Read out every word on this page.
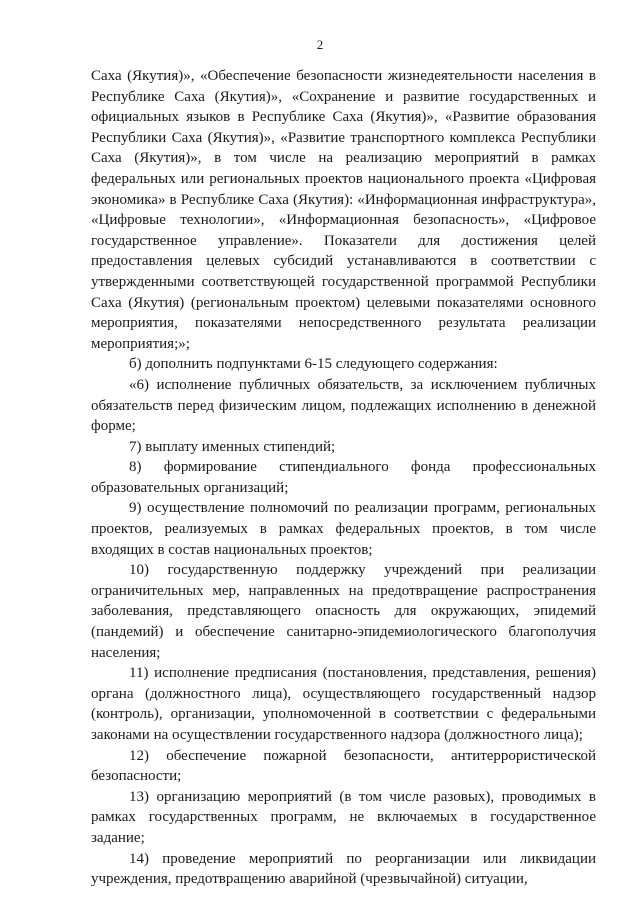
2

Саха (Якутия)», «Обеспечение безопасности жизнедеятельности населения в Республике Саха (Якутия)», «Сохранение и развитие государственных и официальных языков в Республике Саха (Якутия)», «Развитие образования Республики Саха (Якутия)», «Развитие транспортного комплекса Республики Саха (Якутия)», в том числе на реализацию мероприятий в рамках федеральных или региональных проектов национального проекта «Цифровая экономика» в Республике Саха (Якутия): «Информационная инфраструктура», «Цифровые технологии», «Информационная безопасность», «Цифровое государственное управление». Показатели для достижения целей предоставления целевых субсидий устанавливаются в соответствии с утвержденными соответствующей государственной программой Республики Саха (Якутия) (региональным проектом) целевыми показателями основного мероприятия, показателями непосредственного результата реализации мероприятия;»;

б) дополнить подпунктами 6-15 следующего содержания:

«6) исполнение публичных обязательств, за исключением публичных обязательств перед физическим лицом, подлежащих исполнению в денежной форме;

7) выплату именных стипендий;

8) формирование стипендиального фонда профессиональных образовательных организаций;

9) осуществление полномочий по реализации программ, региональных проектов, реализуемых в рамках федеральных проектов, в том числе входящих в состав национальных проектов;

10) государственную поддержку учреждений при реализации ограничительных мер, направленных на предотвращение распространения заболевания, представляющего опасность для окружающих, эпидемий (пандемий) и обеспечение санитарно-эпидемиологического благополучия населения;

11) исполнение предписания (постановления, представления, решения) органа (должностного лица), осуществляющего государственный надзор (контроль), организации, уполномоченной в соответствии с федеральными законами на осуществлении государственного надзора (должностного лица);

12) обеспечение пожарной безопасности, антитеррористической безопасности;

13) организацию мероприятий (в том числе разовых), проводимых в рамках государственных программ, не включаемых в государственное задание;

14) проведение мероприятий по реорганизации или ликвидации учреждения, предотвращению аварийной (чрезвычайной) ситуации,
